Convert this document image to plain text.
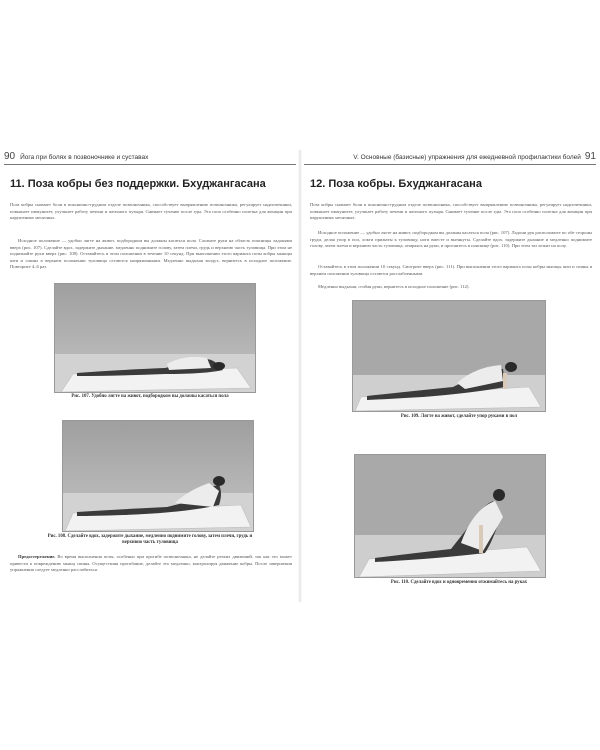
90 Йога при болях в позвоночнике и суставах
11. Поза кобры без поддержки. Бхуджангасана

Поза кобры снимает боли в пояснично-грудном отделе позвоночника, способствует выпрямлению позвоночника, регулирует надпочечники, повышает иммунитет, улучшает работу печени и желчного пузыря. Снимает тучение после еды. Эта поза особенно полезна для женщин при нарушениях месячных.

Исходное положение — удобно лягте на живот, подбородком вы должны касаться пола. Сложите руки на область поясницы ладонями вверх (рис. 107). Сделайте вдох, задержите дыхание, медленно поднимите голову, затем плечи, грудь и верхнюю часть туловища. При этом не поднимайте руки вверх (рис. 108). Оставайтесь в этом положении в течение 10 секунд. При выполнении этого варианта позы кобры мышцы шеи и спины в верхнем положении туловища остаются напряженными. Медленно выдыхая воздух, вернитесь в исходное положение. Повторите 4–6 раз.

Рис. 107. Удобно лягте на живот, подбородком вы должны касаться пола

Рис. 108. Сделайте вдох, задержите дыхание, медленно поднимите голову, затем плечи, грудь и верхнюю часть туловища

Предостережение. Во время выполнения позы, особенно при прогибе позвоночника, не делайте резких движений, так как это может привести к повреждению мышц спины. Осуществляя прогибание, делайте это медленно, контролируя движение кобры. После завершения упражнения следует медленно расслабиться.

V. Основные (базисные) упражнения для ежедневной профилактики болей 91
12. Поза кобры. Бхуджангасана

Поза кобры снимает боли в пояснично-грудном отделе позвоночника, способствует выпрямлению позвоночника, регулирует надпочечники, повышает иммунитет, улучшает работу печени и желчного пузыря. Снимает тучение после еды. Эта поза особенно полезна для женщин при нарушениях месячных.

Исходное положение — удобно лягте на живот, подбородком вы должны касаться пола (рис. 107). Ладони рук расположите по обе стороны груди, делая упор в пол, локти прижаты к туловищу, ноги вместе и вытянуты. Сделайте вдох, задержите дыхание и медленно поднимите голову, затем плечи и верхнюю часть туловища, опираясь на руки, и прогнитесь в пояснице (рис. 110). При этом таз лежит на полу.

Оставайтесь в этом положении 10 секунд. Смотрите вверх (рис. 111). При выполнении этого варианта позы кобры мышцы шеи и спины в верхнем положении туловища остаются расслабленными.

Медленно выдыхая, сгибая руки, вернитесь в исходное положение (рис. 112).

Рис. 109. Лягте на живот, сделайте упор руками в пол

Рис. 110. Сделайте вдох и одновременно отжимайтесь на руках
